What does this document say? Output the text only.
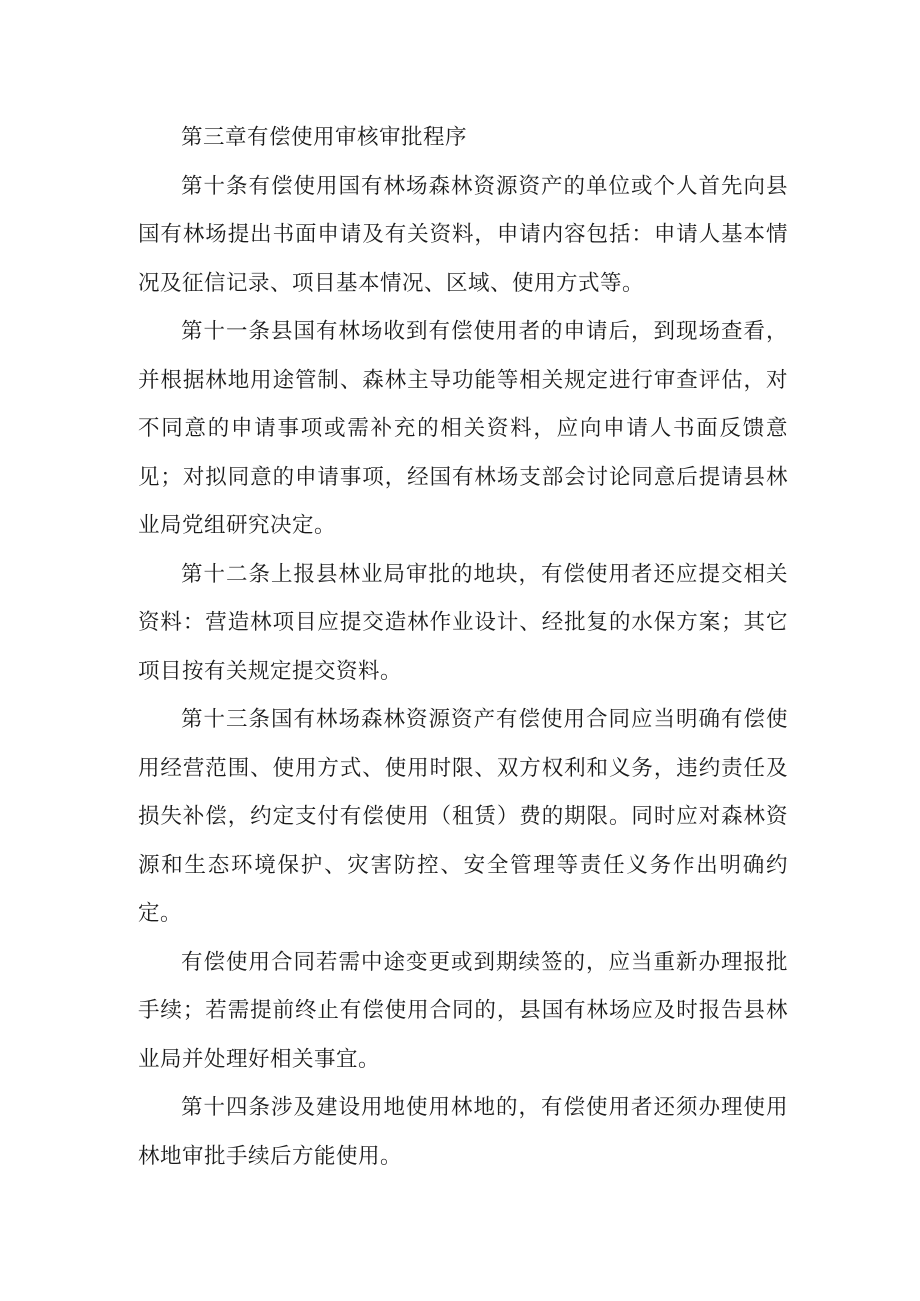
第三章有偿使用审核审批程序

第十条有偿使用国有林场森林资源资产的单位或个人首先向县国有林场提出书面申请及有关资料，申请内容包括：申请人基本情况及征信记录、项目基本情况、区域、使用方式等。

第十一条县国有林场收到有偿使用者的申请后，到现场查看，并根据林地用途管制、森林主导功能等相关规定进行审查评估，对不同意的申请事项或需补充的相关资料，应向申请人书面反馈意见；对拟同意的申请事项，经国有林场支部会讨论同意后提请县林业局党组研究决定。

第十二条上报县林业局审批的地块，有偿使用者还应提交相关资料：营造林项目应提交造林作业设计、经批复的水保方案；其它项目按有关规定提交资料。

第十三条国有林场森林资源资产有偿使用合同应当明确有偿使用经营范围、使用方式、使用时限、双方权利和义务，违约责任及损失补偿，约定支付有偿使用（租赁）费的期限。同时应对森林资源和生态环境保护、灾害防控、安全管理等责任义务作出明确约定。

有偿使用合同若需中途变更或到期续签的，应当重新办理报批手续；若需提前终止有偿使用合同的，县国有林场应及时报告县林业局并处理好相关事宜。

第十四条涉及建设用地使用林地的，有偿使用者还须办理使用林地审批手续后方能使用。
